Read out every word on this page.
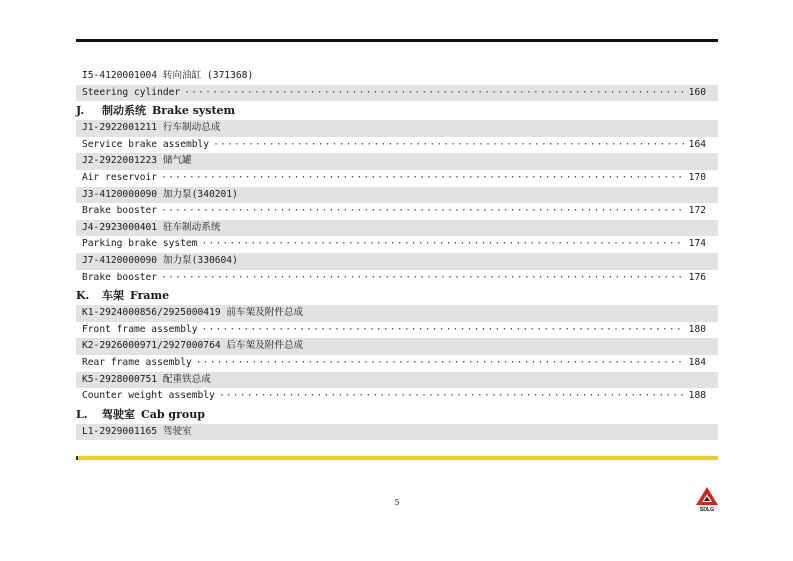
I5-4120001004 转向油缸 (371368)
Steering cylinder ·····	160
J. 制动系统 Brake system
J1-2922001211 行车制动总成
Service brake assembly ·····	164
J2-2922001223 储气罐
Air reservoir ·····	170
J3-4120000090 加力泵(340201)
Brake booster ·····	172
J4-2923000401 驻车制动系统
Parking brake system ·····	174
J7-4120000090 加力泵(330604)
Brake booster ·····	176
K. 车架 Frame
K1-2924000856/2925000419 前车架及附件总成
Front frame assembly ·····	180
K2-2926000971/2927000764 后车架及附件总成
Rear frame assembly ·····	184
K5-2928000751 配重铁总成
Counter weight assembly ·····	188
L. 驾驶室 Cab group
L1-2929001165 驾驶室
5
SDLG
